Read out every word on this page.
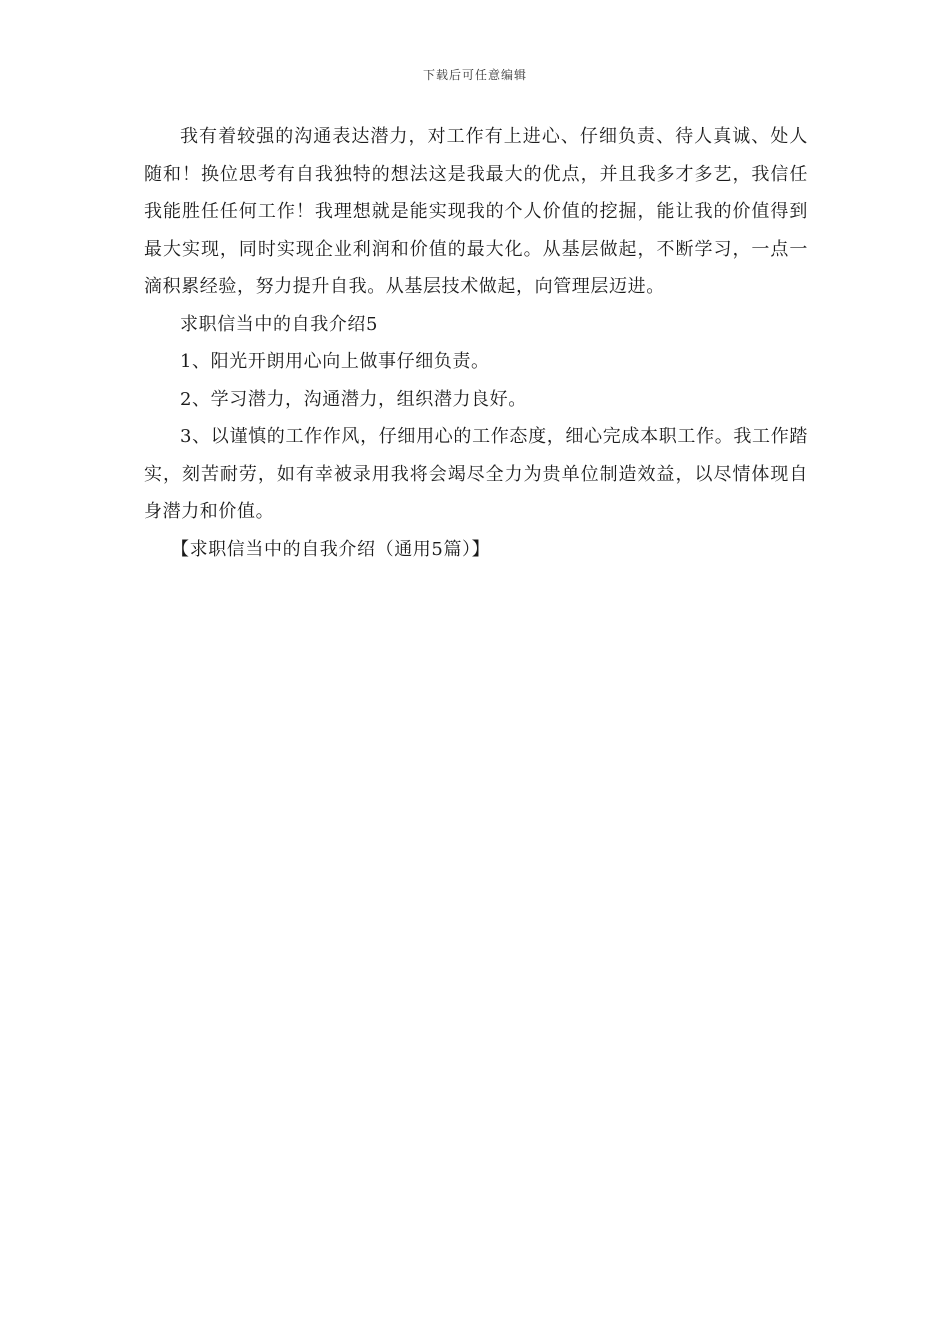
下载后可任意编辑

我有着较强的沟通表达潜力，对工作有上进心、仔细负责、待人真诚、处人随和！换位思考有自我独特的想法这是我最大的优点，并且我多才多艺，我信任我能胜任任何工作！我理想就是能实现我的个人价值的挖掘，能让我的价值得到最大实现，同时实现企业利润和价值的最大化。从基层做起，不断学习，一点一滴积累经验，努力提升自我。从基层技术做起，向管理层迈进。

求职信当中的自我介绍5

1、阳光开朗用心向上做事仔细负责。

2、学习潜力，沟通潜力，组织潜力良好。

3、以谨慎的工作作风，仔细用心的工作态度，细心完成本职工作。我工作踏实，刻苦耐劳，如有幸被录用我将会竭尽全力为贵单位制造效益，以尽情体现自身潜力和价值。

【求职信当中的自我介绍（通用5篇）】
